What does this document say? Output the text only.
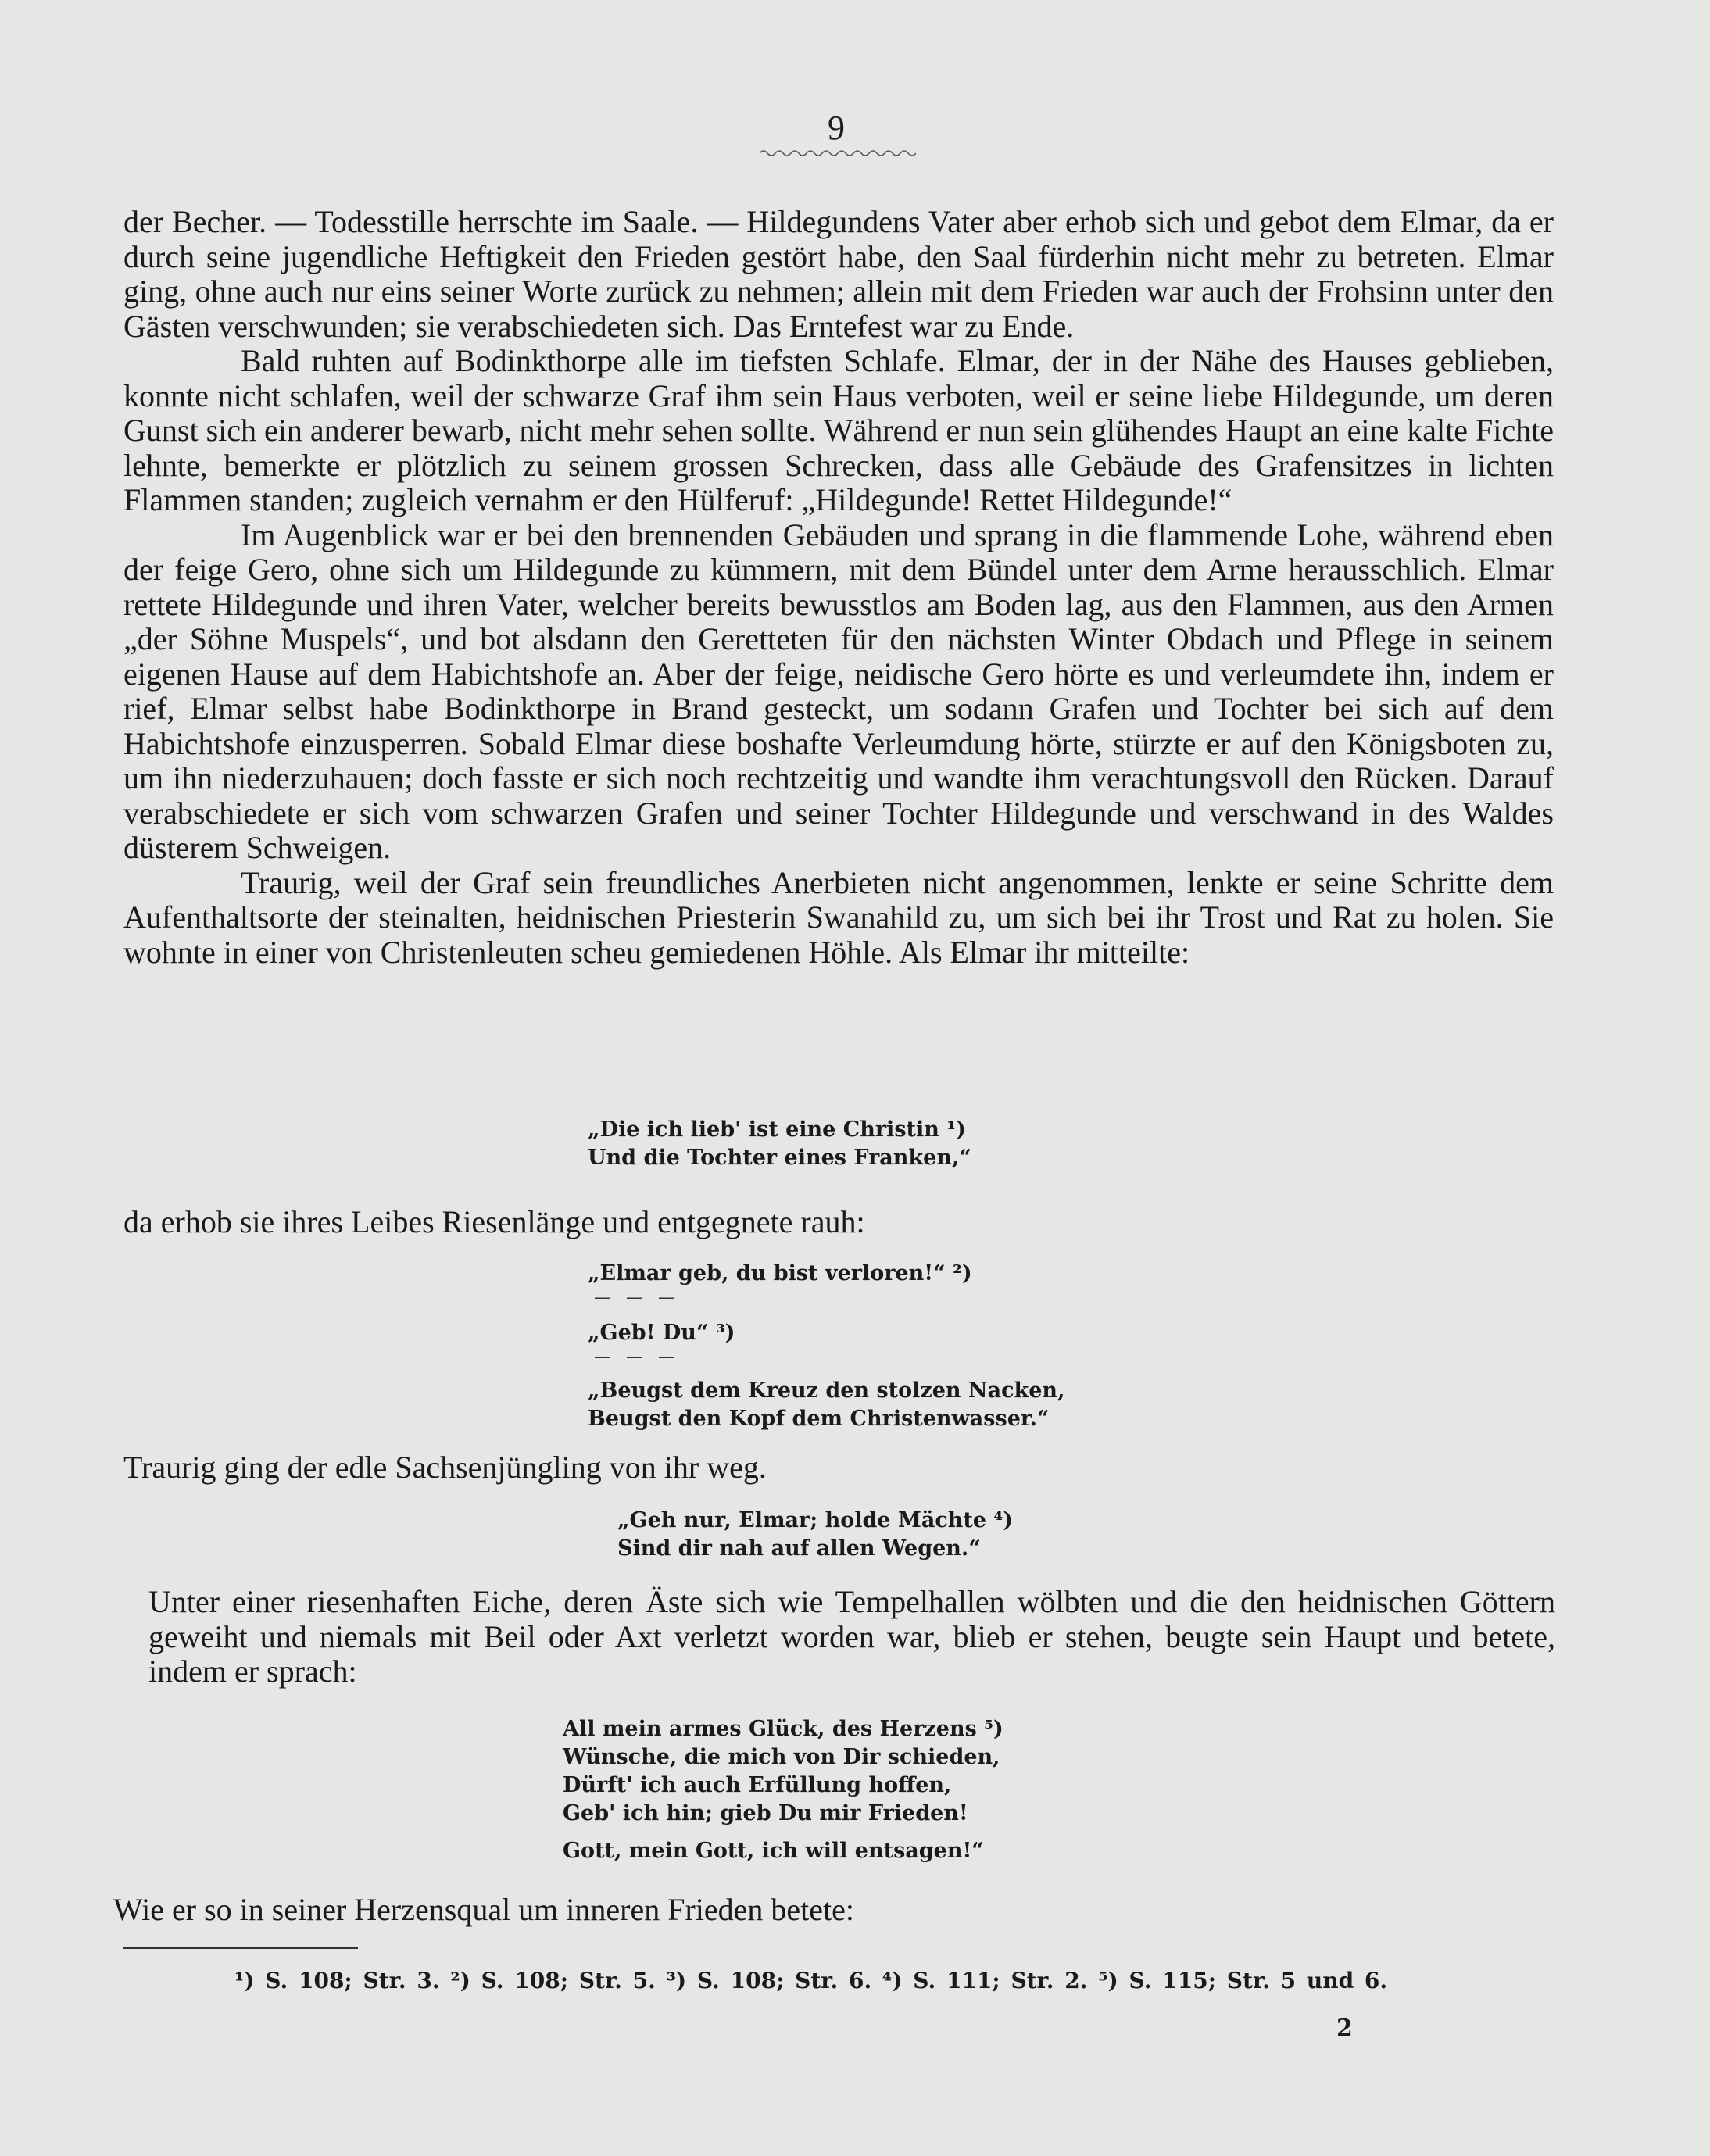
9

der Becher. — Todesstille herrschte im Saale. — Hildegundens Vater aber erhob sich und gebot dem Elmar, da er durch seine jugendliche Heftigkeit den Frieden gestört habe, den Saal fürderhin nicht mehr zu betreten. Elmar ging, ohne auch nur eins seiner Worte zurück zu nehmen; allein mit dem Frieden war auch der Frohsinn unter den Gästen verschwunden; sie verabschiedeten sich. Das Erntefest war zu Ende.

Bald ruhten auf Bodinkthorpe alle im tiefsten Schlafe. Elmar, der in der Nähe des Hauses geblieben, konnte nicht schlafen, weil der schwarze Graf ihm sein Haus verboten, weil er seine liebe Hildegunde, um deren Gunst sich ein anderer bewarb, nicht mehr sehen sollte. Während er nun sein glühendes Haupt an eine kalte Fichte lehnte, bemerkte er plötzlich zu seinem grossen Schrecken, dass alle Gebäude des Grafensitzes in lichten Flammen standen; zugleich vernahm er den Hülferuf: „Hildegunde! Rettet Hildegunde!“

Im Augenblick war er bei den brennenden Gebäuden und sprang in die flammende Lohe, während eben der feige Gero, ohne sich um Hildegunde zu kümmern, mit dem Bündel unter dem Arme herausschlich. Elmar rettete Hildegunde und ihren Vater, welcher bereits bewusstlos am Boden lag, aus den Flammen, aus den Armen „der Söhne Muspels“, und bot alsdann den Geretteten für den nächsten Winter Obdach und Pflege in seinem eigenen Hause auf dem Habichtshofe an. Aber der feige, neidische Gero hörte es und verleumdete ihn, indem er rief, Elmar selbst habe Bodinkthorpe in Brand gesteckt, um sodann Grafen und Tochter bei sich auf dem Habichtshofe einzusperren. Sobald Elmar diese boshafte Verleumdung hörte, stürzte er auf den Königsboten zu, um ihn niederzuhauen; doch fasste er sich noch rechtzeitig und wandte ihm verachtungsvoll den Rücken. Darauf verabschiedete er sich vom schwarzen Grafen und seiner Tochter Hildegunde und verschwand in des Waldes düsterem Schweigen.

Traurig, weil der Graf sein freundliches Anerbieten nicht angenommen, lenkte er seine Schritte dem Aufenthaltsorte der steinalten, heidnischen Priesterin Swanahild zu, um sich bei ihr Trost und Rat zu holen. Sie wohnte in einer von Christenleuten scheu gemiedenen Höhle. Als Elmar ihr mitteilte:

„Die ich lieb' ist eine Christin ¹)
Und die Tochter eines Franken,“
da erhob sie ihres Leibes Riesenlänge und entgegnete rauh:
„Elmar geb, du bist verloren!“ ²)
— — —
„Geb! Du“ ³)
— — —
„Beugst dem Kreuz den stolzen Nacken,
Beugst den Kopf dem Christenwasser.“
Traurig ging der edle Sachsenjüngling von ihr weg.
„Geh nur, Elmar; holde Mächte ⁴)
Sind dir nah auf allen Wegen.“
Unter einer riesenhaften Eiche, deren Äste sich wie Tempelhallen wölbten und die den heidnischen Göttern geweiht und niemals mit Beil oder Axt verletzt worden war, blieb er stehen, beugte sein Haupt und betete, indem er sprach:
All mein armes Glück, des Herzens ⁵)
Wünsche, die mich von Dir schieden,
Dürft' ich auch Erfüllung hoffen,
Geb' ich hin; gieb Du mir Frieden!
Gott, mein Gott, ich will entsagen!“
Wie er so in seiner Herzensqual um inneren Frieden betete:
¹) S. 108; Str. 3. ²) S. 108; Str. 5. ³) S. 108; Str. 6. ⁴) S. 111; Str. 2. ⁵) S. 115; Str. 5 und 6.
2
